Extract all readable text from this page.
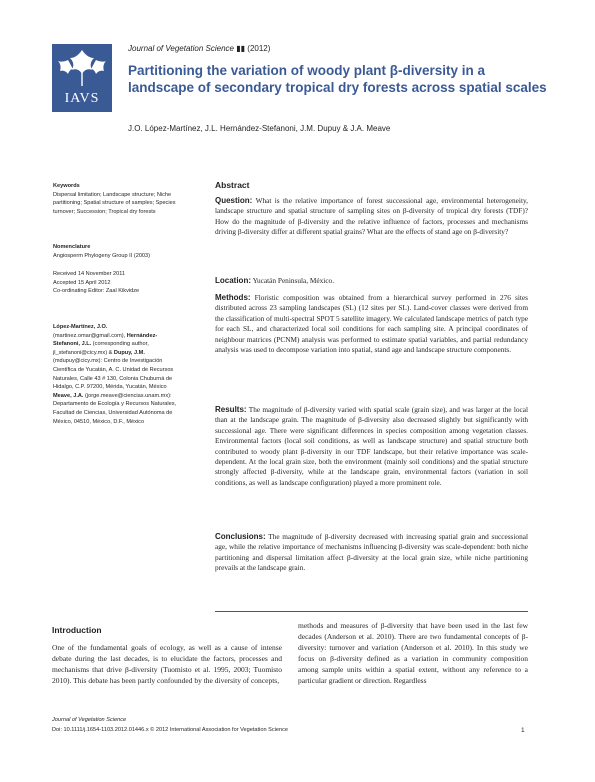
IAVS
Journal of Vegetation Science ▮▮ (2012)
Partitioning the variation of woody plant β-diversity in a landscape of secondary tropical dry forests across spatial scales
J.O. López-Martínez, J.L. Hernández-Stefanoni, J.M. Dupuy & J.A. Meave
Keywords
Dispersal limitation; Landscape structure; Niche partitioning; Spatial structure of samples; Species turnover; Succession; Tropical dry forests
Nomenclature
Angiosperm Phylogeny Group II (2003)
Received 14 November 2011
Accepted 15 April 2012
Co-ordinating Editor: Zaal Kikvidze
López-Martínez, J.O. (martinez.omar@gmail.com), Hernández-Stefanoni, J.L. (corresponding author, jl_stefanoni@cicy.mx) & Dupuy, J.M. (mdupuy@cicy.mx): Centro de Investigación Científica de Yucatán, A. C. Unidad de Recursos Naturales, Calle 43 # 130, Colonia Chuburná de Hidalgo, C.P. 97200, Mérida, Yucatán, México
Meave, J.A. (jorge.meave@ciencias.unam.mx): Departamento de Ecología y Recursos Naturales, Facultad de Ciencias, Universidad Autónoma de México, 04510, México, D.F., México
Abstract
Question: What is the relative importance of forest successional age, environmental heterogeneity, landscape structure and spatial structure of sampling sites on β-diversity of tropical dry forests (TDF)? How do the magnitude of β-diversity and the relative influence of factors, processes and mechanisms driving β-diversity differ at different spatial grains? What are the effects of stand age on β-diversity?
Location: Yucatán Peninsula, México.
Methods: Floristic composition was obtained from a hierarchical survey performed in 276 sites distributed across 23 sampling landscapes (SL) (12 sites per SL). Land-cover classes were derived from the classification of multi-spectral SPOT 5 satellite imagery. We calculated landscape metrics of patch type for each SL, and characterized local soil conditions for each sampling site. A principal coordinates of neighbour matrices (PCNM) analysis was performed to estimate spatial variables, and partial redundancy analysis was used to decompose variation into spatial, stand age and landscape structure components.
Results: The magnitude of β-diversity varied with spatial scale (grain size), and was larger at the local than at the landscape grain. The magnitude of β-diversity also decreased slightly but significantly with successional age. There were significant differences in species composition among vegetation classes. Environmental factors (local soil conditions, as well as landscape structure) and spatial structure both contributed to woody plant β-diversity in our TDF landscape, but their relative importance was scale-dependent. At the local grain size, both the environment (mainly soil conditions) and the spatial structure strongly affected β-diversity, while at the landscape grain, environmental factors (variation in soil conditions, as well as landscape configuration) played a more prominent role.
Conclusions: The magnitude of β-diversity decreased with increasing spatial grain and successional age, while the relative importance of mechanisms influencing β-diversity was scale-dependent: both niche partitioning and dispersal limitation affect β-diversity at the local grain size, while niche partitioning prevails at the landscape grain.
Introduction
One of the fundamental goals of ecology, as well as a cause of intense debate during the last decades, is to elucidate the factors, processes and mechanisms that drive β-diversity (Tuomisto et al. 1995, 2003; Tuomisto 2010). This debate has been partly confounded by the diversity of concepts,
methods and measures of β-diversity that have been used in the last few decades (Anderson et al. 2010). There are two fundamental concepts of β-diversity: turnover and variation (Anderson et al. 2010). In this study we focus on β-diversity defined as a variation in community composition among sample units within a spatial extent, without any reference to a particular gradient or direction. Regardless
Journal of Vegetation Science
Doi: 10.1111/j.1654-1103.2012.01446.x © 2012 International Association for Vegetation Science	1
